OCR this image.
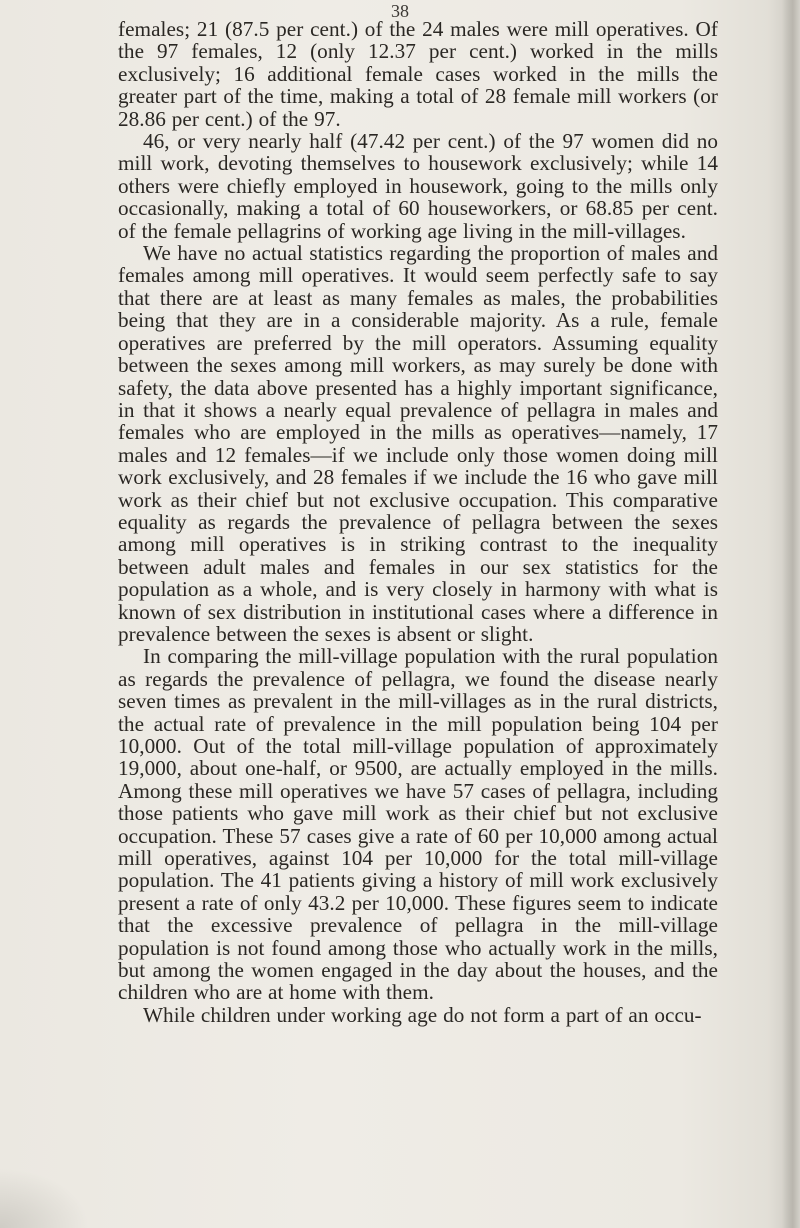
38

females; 21 (87.5 per cent.) of the 24 males were mill operatives. Of the 97 females, 12 (only 12.37 per cent.) worked in the mills exclusively; 16 additional female cases worked in the mills the greater part of the time, making a total of 28 female mill workers (or 28.86 per cent.) of the 97.

46, or very nearly half (47.42 per cent.) of the 97 women did no mill work, devoting themselves to housework exclusively; while 14 others were chiefly employed in housework, going to the mills only occasionally, making a total of 60 houseworkers, or 68.85 per cent. of the female pellagrins of working age living in the mill-villages.

We have no actual statistics regarding the proportion of males and females among mill operatives. It would seem perfectly safe to say that there are at least as many females as males, the probabilities being that they are in a considerable majority. As a rule, female operatives are preferred by the mill operators. Assuming equality between the sexes among mill workers, as may surely be done with safety, the data above presented has a highly important significance, in that it shows a nearly equal prevalence of pellagra in males and females who are employed in the mills as operatives—namely, 17 males and 12 females—if we include only those women doing mill work exclusively, and 28 females if we include the 16 who gave mill work as their chief but not exclusive occupation. This comparative equality as regards the prevalence of pellagra between the sexes among mill operatives is in striking contrast to the inequality between adult males and females in our sex statistics for the population as a whole, and is very closely in harmony with what is known of sex distribution in institutional cases where a difference in prevalence between the sexes is absent or slight.

In comparing the mill-village population with the rural population as regards the prevalence of pellagra, we found the disease nearly seven times as prevalent in the mill-villages as in the rural districts, the actual rate of prevalence in the mill population being 104 per 10,000. Out of the total mill-village population of approximately 19,000, about one-half, or 9500, are actually employed in the mills. Among these mill operatives we have 57 cases of pellagra, including those patients who gave mill work as their chief but not exclusive occupation. These 57 cases give a rate of 60 per 10,000 among actual mill operatives, against 104 per 10,000 for the total mill-village population. The 41 patients giving a history of mill work exclusively present a rate of only 43.2 per 10,000. These figures seem to indicate that the excessive prevalence of pellagra in the mill-village population is not found among those who actually work in the mills, but among the women engaged in the day about the houses, and the children who are at home with them.

While children under working age do not form a part of an occu-
